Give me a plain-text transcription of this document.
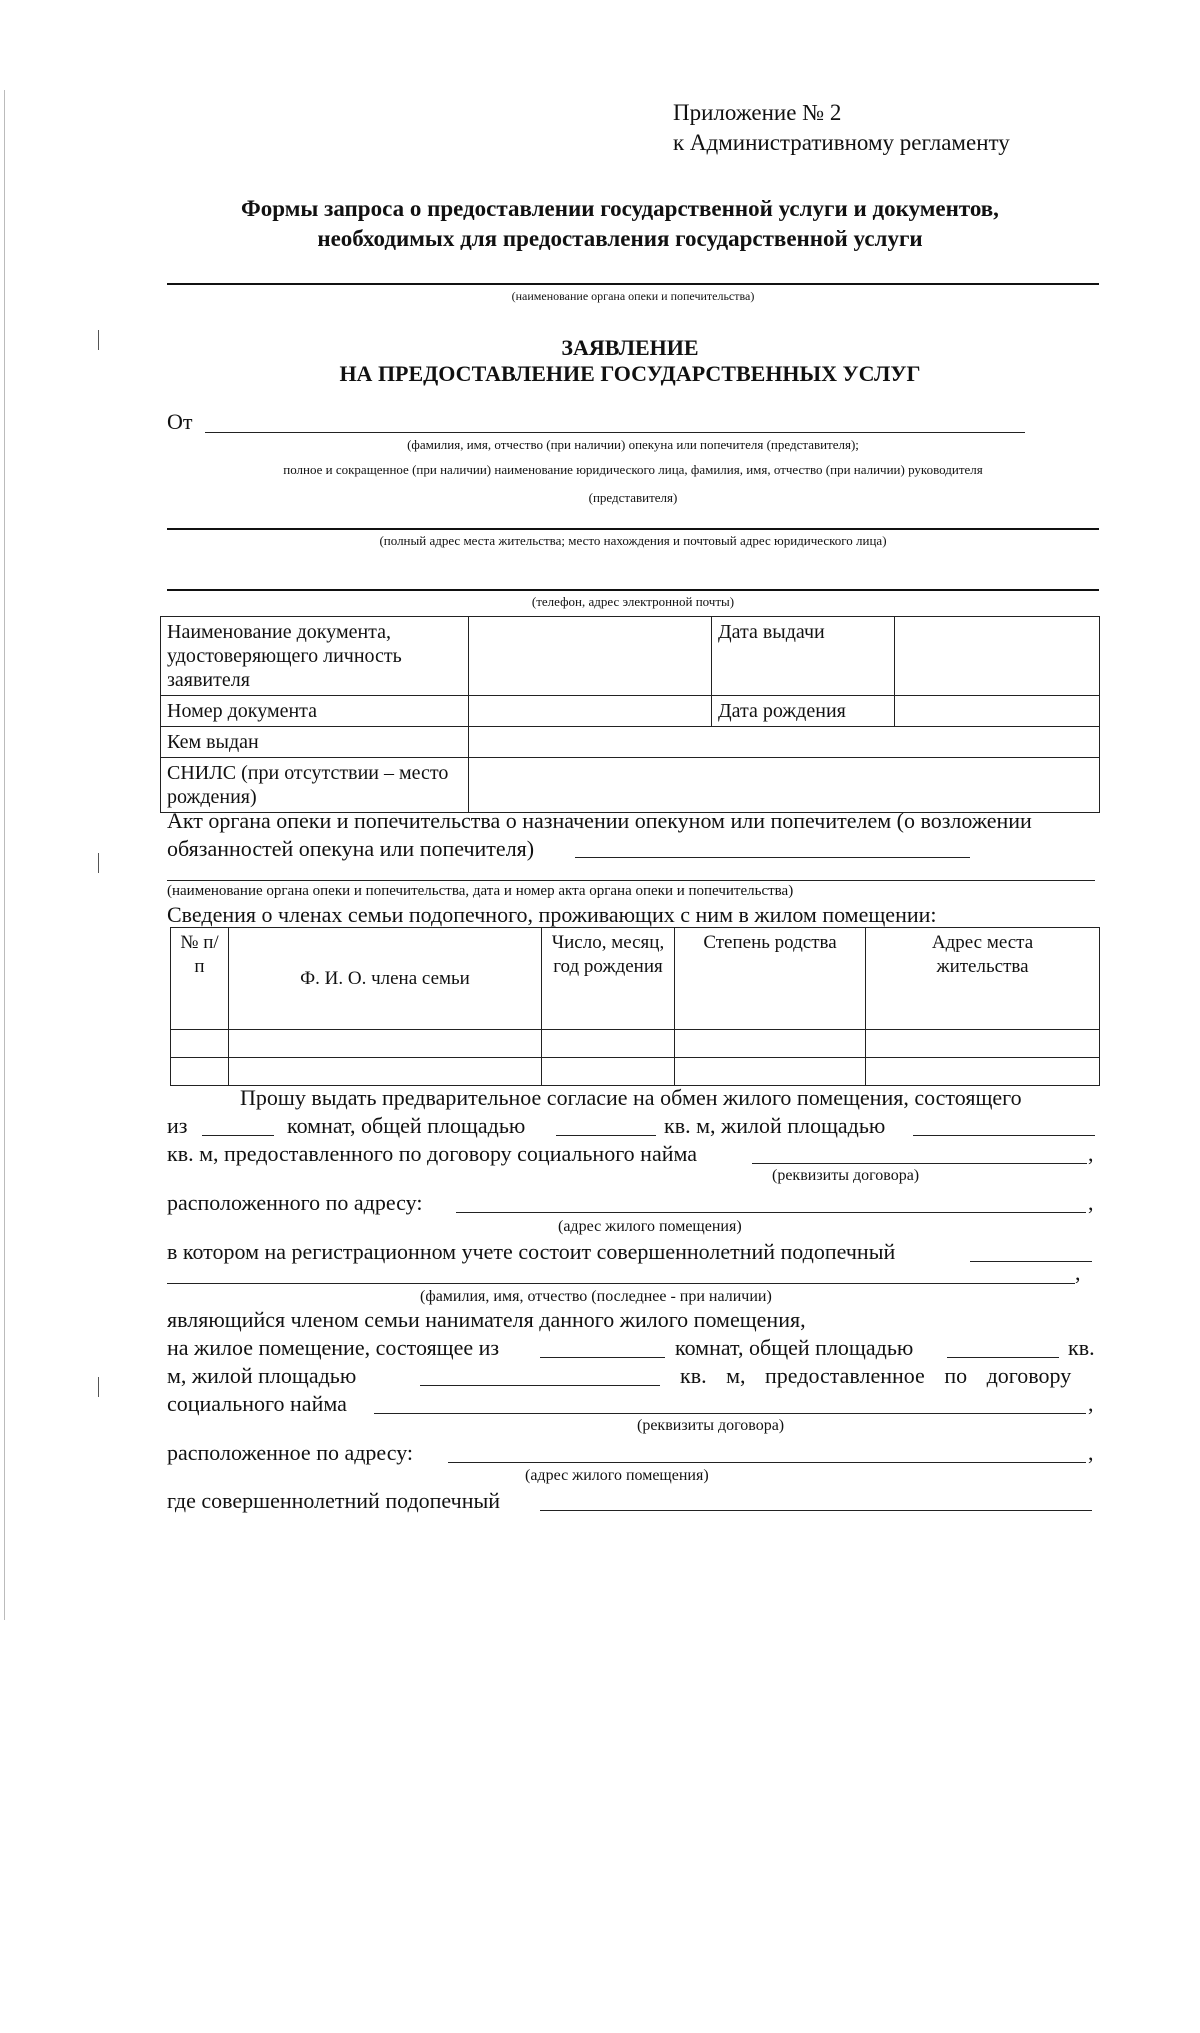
Приложение № 2
к Административному регламенту
Формы запроса о предоставлении государственной услуги и документов,
необходимых для предоставления государственной услуги
(наименование органа опеки и попечительства)
ЗАЯВЛЕНИЕ
НА ПРЕДОСТАВЛЕНИЕ ГОСУДАРСТВЕННЫХ УСЛУГ
От
(фамилия, имя, отчество (при наличии) опекуна или попечителя (представителя);
полное и сокращенное (при наличии) наименование юридического лица, фамилия, имя, отчество (при наличии) руководителя
(представителя)
(полный адрес места жительства; место нахождения и почтовый адрес юридического лица)
(телефон, адрес электронной почты)
Наименование документа, удостоверяющего личность заявителя		Дата выдачи	
Номер документа		Дата рождения	
Кем выдан			
СНИЛС (при отсутствии – место рождения)			
Акт органа опеки и попечительства о назначении опекуном или попечителем (о возложении
обязанностей опекуна или попечителя)
(наименование органа опеки и попечительства, дата и номер акта органа опеки и попечительства)
Сведения о членах семьи подопечного, проживающих с ним в жилом помещении:
№ п/п	Ф. И. О. члена семьи	Число, месяц, год рождения	Степень родства	Адрес места жительства

Прошу выдать предварительное согласие на обмен жилого помещения, состоящего
из	комнат, общей площадью	кв. м, жилой площадью
кв. м, предоставленного по договору социального найма	,
(реквизиты договора)
расположенного по адресу:	,
(адрес жилого помещения)
в котором на регистрационном учете состоит совершеннолетний подопечный
,
(фамилия, имя, отчество (последнее - при наличии)
являющийся членом семьи нанимателя данного жилого помещения,
на жилое помещение, состоящее из	комнат, общей площадью	кв.
м, жилой площадью	кв. м, предоставленное по договору
социального найма	,
(реквизиты договора)
расположенное по адресу:	,
(адрес жилого помещения)
где совершеннолетний подопечный
